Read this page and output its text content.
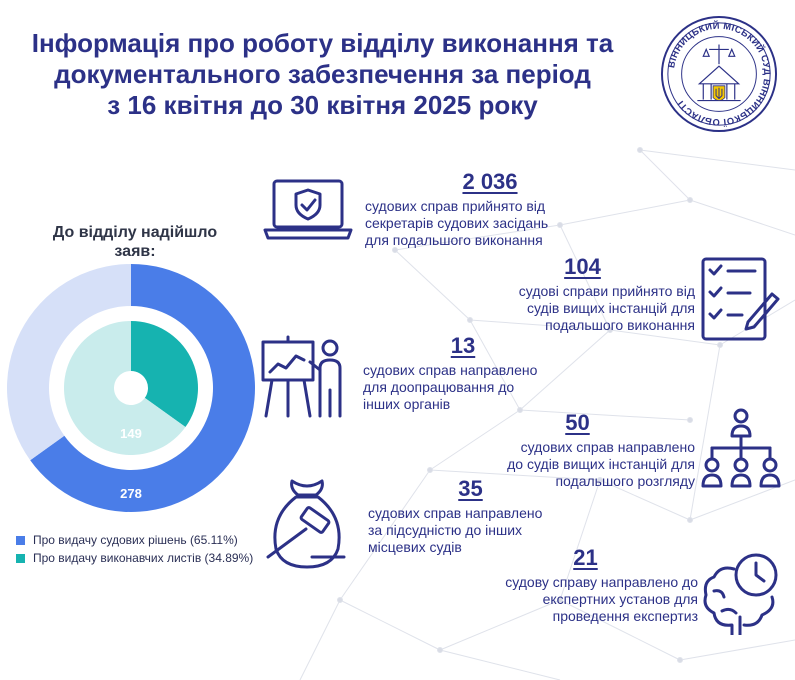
Інформація про роботу відділу виконання та
документального забезпечення за період
з 16 квітня до 30 квітня 2025 року
ВІННИЦЬКИЙ МІСЬКИЙ СУД ВІННИЦЬКОЇ ОБЛАСТІ
До відділу надійшло
заяв:
278
149
Про видачу судових рішень
(65.11%)
Про видачу виконавчих листів
(34.89%)
2 036
судових справ прийнято від
секретарів судових засідань
для подальшого виконання
104
судові справи прийнято від
судів вищих інстанцій для
подальшого виконання
13
судових справ направлено
для доопрацювання до
інших органів
50
судових справ направлено
до судів вищих інстанцій для
подальшого розгляду
35
судових справ направлено
за підсудністю до інших
місцевих судів	21
судову справу направлено до
експертних установ для
проведення експертиз
